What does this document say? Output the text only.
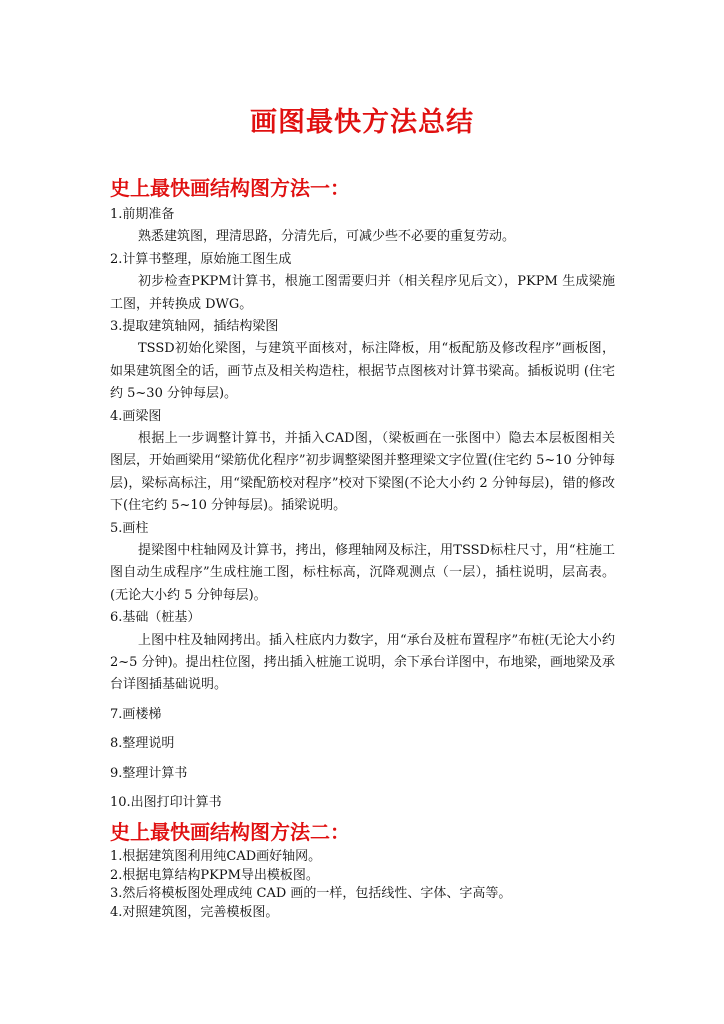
画图最快方法总结
史上最快画结构图方法一：

1.前期准备

熟悉建筑图，理清思路，分清先后，可减少些不必要的重复劳动。

2.计算书整理，原始施工图生成

初步检查PKPM计算书，根施工图需要归并（相关程序见后文），PKPM 生成梁施工图，并转换成 DWG。

3.提取建筑轴网，插结构梁图

TSSD初始化梁图，与建筑平面核对，标注降板，用“板配筋及修改程序”画板图，如果建筑图全的话，画节点及相关构造柱，根据节点图核对计算书梁高。插板说明 (住宅约 5~30 分钟每层)。

4.画梁图

根据上一步调整计算书，并插入CAD图，（梁板画在一张图中）隐去本层板图相关图层，开始画梁用“梁筋优化程序”初步调整梁图并整理梁文字位置(住宅约 5~10 分钟每层)，梁标高标注，用“梁配筋校对程序”校对下梁图(不论大小约 2 分钟每层)，错的修改下(住宅约 5~10 分钟每层)。插梁说明。

5.画柱

提梁图中柱轴网及计算书，拷出，修理轴网及标注，用TSSD标柱尺寸，用“柱施工图自动生成程序”生成柱施工图，标柱标高，沉降观测点（一层），插柱说明，层高表。(无论大小约 5 分钟每层)。

6.基础（桩基）

上图中柱及轴网拷出。插入柱底内力数字，用“承台及桩布置程序”布桩(无论大小约 2~5 分钟)。提出柱位图，拷出插入桩施工说明，余下承台详图中，布地梁，画地梁及承台详图插基础说明。

7.画楼梯

8.整理说明

9.整理计算书

10.出图打印计算书

史上最快画结构图方法二：

1.根据建筑图利用纯CAD画好轴网。

2.根据电算结构PKPM导出模板图。

3.然后将模板图处理成纯 CAD 画的一样，包括线性、字体、字高等。

4.对照建筑图，完善模板图。
